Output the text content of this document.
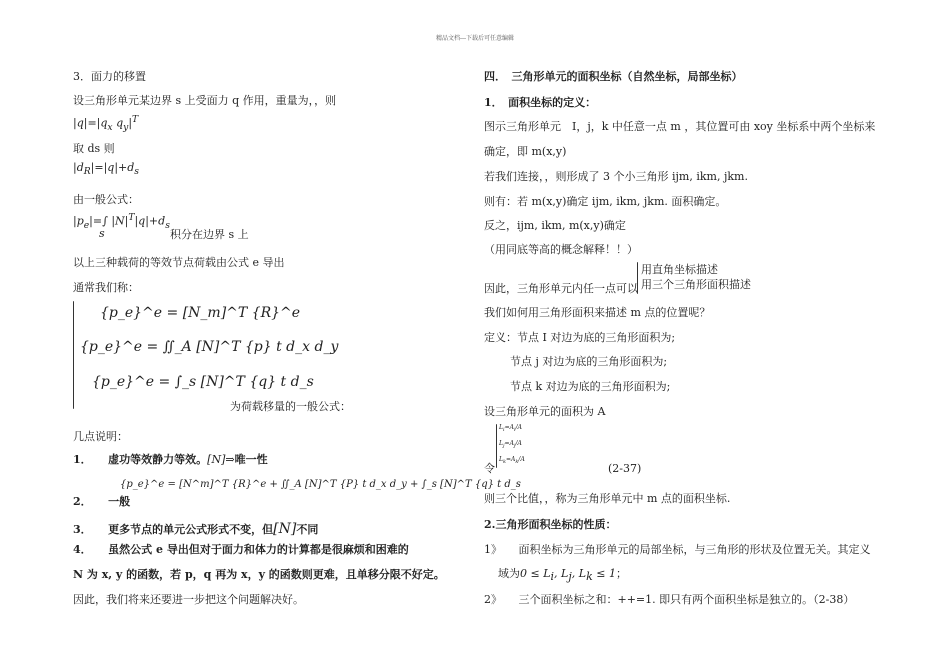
精品文档---下载后可任意编辑
3．面力的移置
设三角形单元某边界 s 上受面力 q 作用，重量为，，则
$|q|=|q_x$ $q_y|^T$
取 ds 则
$|d_R|=|q|+d_s$
由一般公式：
$|p_e|=\int$ $|N|^T|q|+d_s$
s	积分在边界 s 上
以上三种载荷的等效节点荷载由公式 e 导出
通常我们称：
{p_e}^e = [N_m]^T {R}^e
{p_e}^e = ∬_A [N]^T {p} t d_x d_y
{p_e}^e = ∫_s [N]^T {q} t d_s
为荷载移量的一般公式：
几点说明：
1．　　 虚功等效静力等效。[N]⇒唯一性
{p_e}^e = [N^m]^T {R}^e + ∬_A [N]^T {P} t d_x d_y + ∫_s [N]^T {q} t d_s
2．　　 一般
3．　　 更多节点的单元公式形式不变，但[N]不同
4．　　 虽然公式 e 导出但对于面力和体力的计算都是很麻烦和困难的
N 为 x, y 的函数，若 p，q 再为 x，y 的函数则更难，且单移分限不好定。
因此，我们将来还要进一步把这个问题解决好。
四．　三角形单元的面积坐标（自然坐标，局部坐标）
1．　面积坐标的定义：
图示三角形单元　I，j，k 中任意一点 m ，其位置可由 xoy 坐标系中两个坐标来
确定，即 m(x,y)
若我们连接，，则形成了 3 个小三角形 ijm, ikm, jkm.
则有：若 m(x,y)确定 ijm, ikm, jkm. 面积确定。
反之，ijm, ikm, m(x,y)确定
（用同底等高的概念解释！！）
因此，三角形单元内任一点可以
用直角坐标描述
用三个三角形面积描述
我们如何用三角形面积来描述 m 点的位置呢？
定义：节点 I 对边为底的三角形面积为;
节点 j 对边为底的三角形面积为;
节点 k 对边为底的三角形面积为;
设三角形单元的面积为 A
$L_i=A_i/A$
$L_j=A_j/A$
$L_k=A_k/A$
令	(2-37)
则三个比值，，称为三角形单元中 m 点的面积坐标.
2.三角形面积坐标的性质：
1》　　 面积坐标为三角形单元的局部坐标，与三角形的形状及位置无关。其定义
域为$0 \le L_i$, $L_j$, $L_k \le 1$；
2》　　 三个面积坐标之和：++=1. 即只有两个面积坐标是独立的。（2-38）
